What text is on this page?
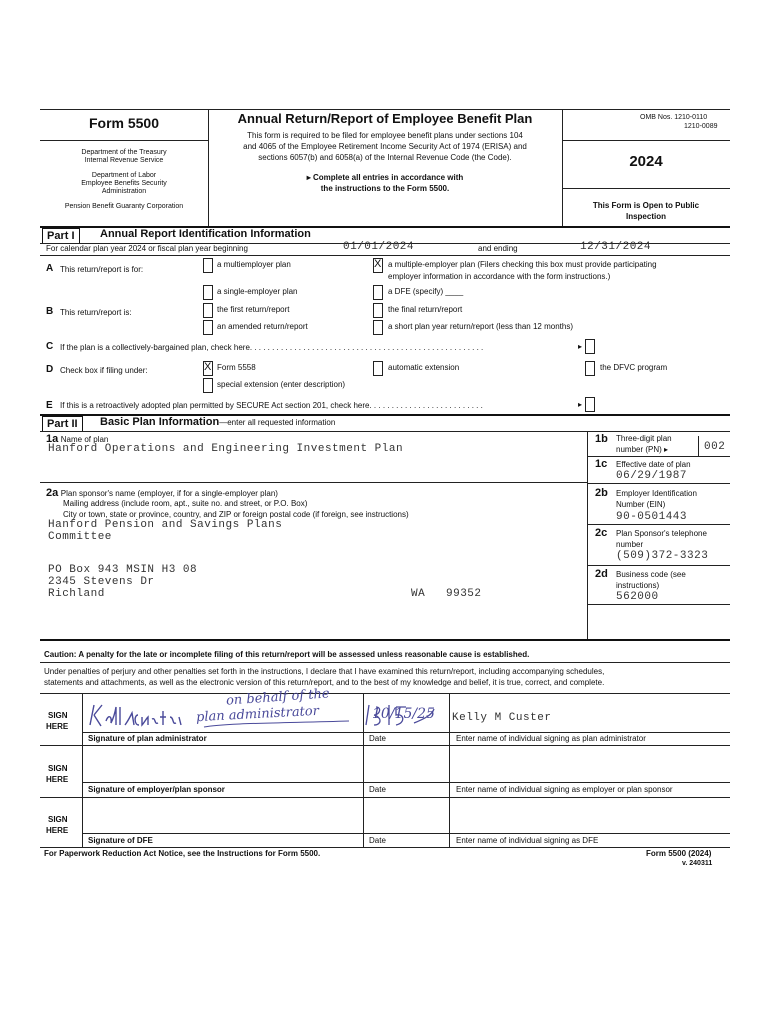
Form 5500
Department of the Treasury
Internal Revenue Service
Department of Labor
Employee Benefits Security
Administration
Pension Benefit Guaranty Corporation
Annual Return/Report of Employee Benefit Plan
This form is required to be filed for employee benefit plans under sections 104
and 4065 of the Employee Retirement Income Security Act of 1974 (ERISA) and
sections 6057(b) and 6058(a) of the Internal Revenue Code (the Code).
▸ Complete all entries in accordance with
the instructions to the Form 5500.
OMB Nos. 1210-0110
1210-0089
2024
This Form is Open to Public
Inspection
Part I	Annual Report Identification Information
For calendar plan year 2024 or fiscal plan year beginning	01/01/2024	and ending	12/31/2024
A This return/report is for:
a multiemployer plan	X a multiple-employer plan (Filers checking this box must provide participating
employer information in accordance with the form instructions.)
a single-employer plan	a DFE (specify) ____
B This return/report is:	the first return/report	the final return/report
an amended return/report	a short plan year return/report (less than 12 months)
C If the plan is a collectively-bargained plan, check here. . . . . . . . . . . . . . . . . . . . . . . . . . . . . . . . . . . . . . . . . . . . . . . . . . . . .	▸
D Check box if filing under:	X Form 5558	automatic extension	the DFVC program
special extension (enter description)
E If this is a retroactively adopted plan permitted by SECURE Act section 201, check here. . . . . . . . . . . . . . . . . . . . . . . . . .	▸
Part II	Basic Plan Information—enter all requested information
1a Name of plan
Hanford Operations and Engineering Investment Plan
1b Three-digit plan
number (PN) ▸	002
1c Effective date of plan
06/29/1987
2a Plan sponsor's name (employer, if for a single-employer plan)
Mailing address (include room, apt., suite no. and street, or P.O. Box)
City or town, state or province, country, and ZIP or foreign postal code (if foreign, see instructions)
Hanford Pension and Savings Plans
Committee
PO Box 943 MSIN H3 08
2345 Stevens Dr
Richland	WA 99352
2b Employer Identification
Number (EIN)
90-0501443
2c Plan Sponsor's telephone
number
(509)372-3323
2d Business code (see
instructions)
562000
Caution: A penalty for the late or incomplete filing of this return/report will be assessed unless reasonable cause is established.
Under penalties of perjury and other penalties set forth in the instructions, I declare that I have examined this return/report, including accompanying schedules,
statements and attachments, as well as the electronic version of this return/report, and to the best of my knowledge and belief, it is true, correct, and complete.
SIGN
HERE
on behalf of the
plan administrator	10/15/25 Kelly M Custer
Signature of plan administrator	Date	Enter name of individual signing as plan administrator
SIGN
HERE
Signature of employer/plan sponsor	Date	Enter name of individual signing as employer or plan sponsor
SIGN
HERE
Signature of DFE	Date	Enter name of individual signing as DFE
For Paperwork Reduction Act Notice, see the Instructions for Form 5500.	Form 5500 (2024)
v. 240311
